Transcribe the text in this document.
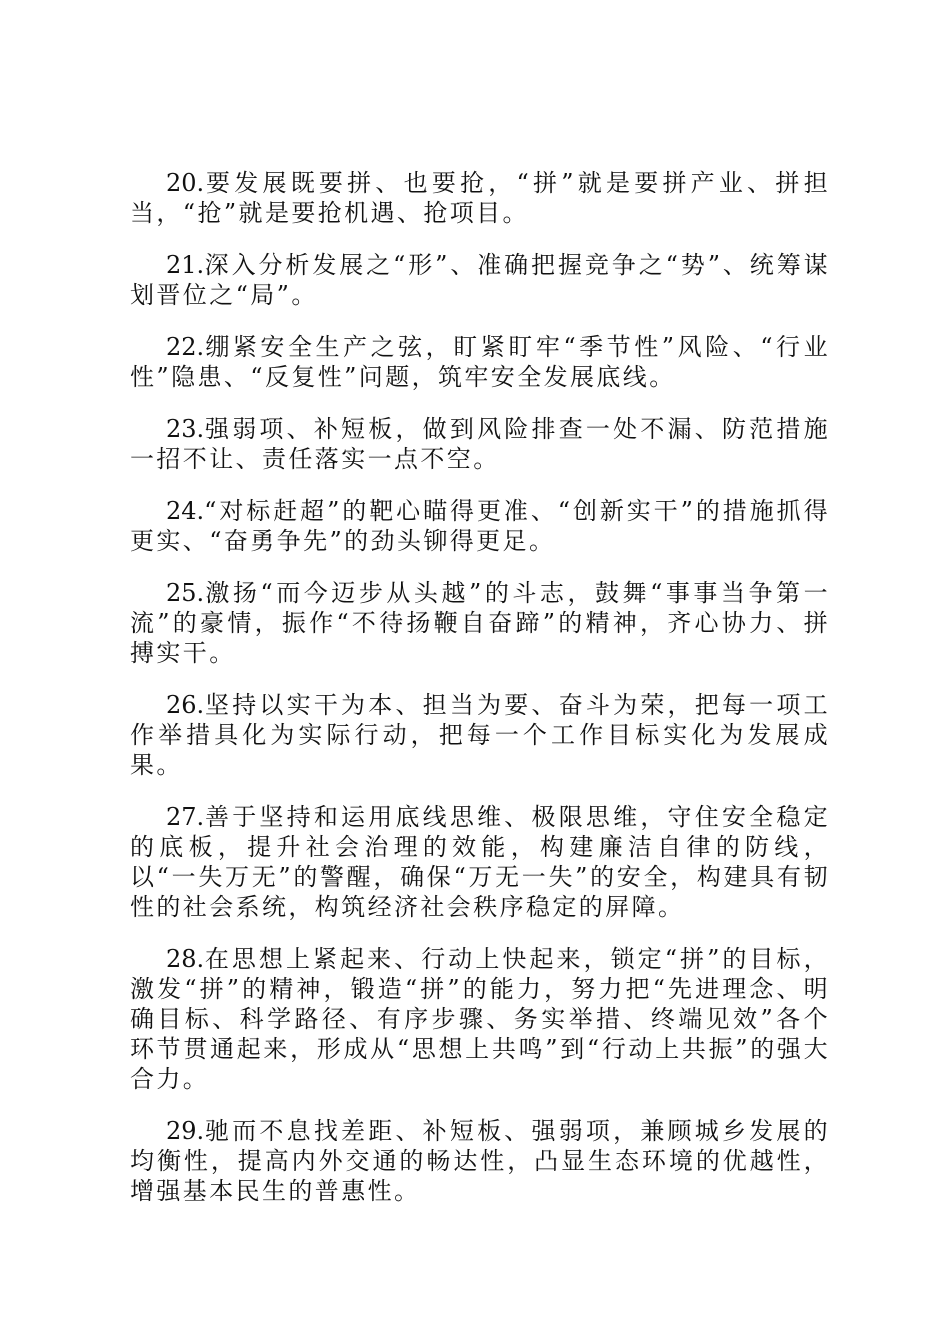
20.要发展既要拼、也要抢，“拼”就是要拼产业、拼担当，“抢”就是要抢机遇、抢项目。

21.深入分析发展之“形”、准确把握竞争之“势”、统筹谋划晋位之“局”。

22.绷紧安全生产之弦，盯紧盯牢“季节性”风险、“行业性”隐患、“反复性”问题，筑牢安全发展底线。

23.强弱项、补短板，做到风险排查一处不漏、防范措施一招不让、责任落实一点不空。

24.“对标赶超”的靶心瞄得更准、“创新实干”的措施抓得更实、“奋勇争先”的劲头铆得更足。

25.激扬“而今迈步从头越”的斗志，鼓舞“事事当争第一流”的豪情，振作“不待扬鞭自奋蹄”的精神，齐心协力、拼搏实干。

26.坚持以实干为本、担当为要、奋斗为荣，把每一项工作举措具化为实际行动，把每一个工作目标实化为发展成果。

27.善于坚持和运用底线思维、极限思维，守住安全稳定的底板，提升社会治理的效能，构建廉洁自律的防线，以“一失万无”的警醒，确保“万无一失”的安全，构建具有韧性的社会系统，构筑经济社会秩序稳定的屏障。

28.在思想上紧起来、行动上快起来，锁定“拼”的目标，激发“拼”的精神，锻造“拼”的能力，努力把“先进理念、明确目标、科学路径、有序步骤、务实举措、终端见效”各个环节贯通起来，形成从“思想上共鸣”到“行动上共振”的强大合力。

29.驰而不息找差距、补短板、强弱项，兼顾城乡发展的均衡性，提高内外交通的畅达性，凸显生态环境的优越性，增强基本民生的普惠性。
